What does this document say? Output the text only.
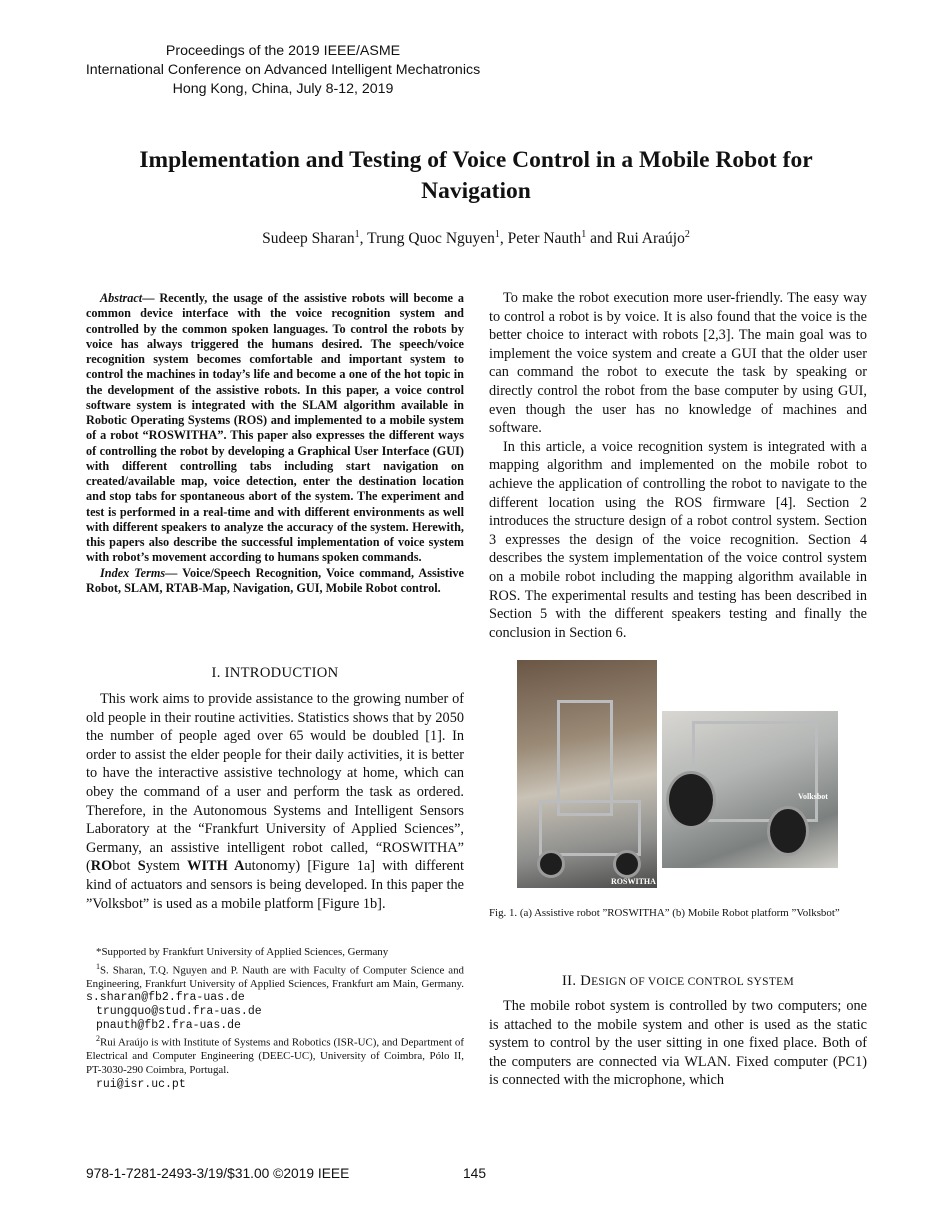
Proceedings of the 2019 IEEE/ASME
International Conference on Advanced Intelligent Mechatronics
Hong Kong, China, July 8-12, 2019
Implementation and Testing of Voice Control in a Mobile Robot for
Navigation
Sudeep Sharan$^1$, Trung Quoc Nguyen$^1$, Peter Nauth$^1$ and Rui Araújo$^2$

Abstract— Recently, the usage of the assistive robots will become a common device interface with the voice recognition system and controlled by the common spoken languages. To control the robots by voice has always triggered the humans desired. The speech/voice recognition system becomes comfortable and important system to control the machines in today’s life and become a one of the hot topic in the development of the assistive robots. In this paper, a voice control software system is integrated with the SLAM algorithm available in Robotic Operating Systems (ROS) and implemented to a mobile system of a robot “ROSWITHA”. This paper also expresses the different ways of controlling the robot by developing a Graphical User Interface (GUI) with different controlling tabs including start navigation on created/available map, voice detection, enter the destination location and stop tabs for spontaneous abort of the system. The experiment and test is performed in a real-time and with different environments as well with different speakers to analyze the accuracy of the system. Herewith, this papers also describe the successful implementation of voice system with robot’s movement according to humans spoken commands.

Index Terms— Voice/Speech Recognition, Voice command, Assistive Robot, SLAM, RTAB-Map, Navigation, GUI, Mobile Robot control.

I. INTRODUCTION

This work aims to provide assistance to the growing number of old people in their routine activities. Statistics shows that by 2050 the number of people aged over 65 would be doubled [1]. In order to assist the elder people for their daily activities, it is better to have the interactive assistive technology at home, which can obey the command of a user and perform the task as ordered. Therefore, in the Autonomous Systems and Intelligent Sensors Laboratory at the “Frankfurt University of Applied Sciences”, Germany, an assistive intelligent robot called, “ROSWITHA” (RObot System WITH Autonomy) [Figure 1a] with different kind of actuators and sensors is being developed. In this paper the ”Volksbot” is used as a mobile platform [Figure 1b].

*Supported by Frankfurt University of Applied Sciences, Germany

$^1$S. Sharan, T.Q. Nguyen and P. Nauth are with Faculty of Computer Science and Engineering, Frankfurt University of Applied Sciences, Frankfurt am Main, Germany. s.sharan@fb2.fra-uas.de

trungquo@stud.fra-uas.de
pnauth@fb2.fra-uas.de

$^2$Rui Araújo is with Institute of Systems and Robotics (ISR-UC), and Department of Electrical and Computer Engineering (DEEC-UC), University of Coimbra, Pólo II, PT-3030-290 Coimbra, Portugal.

rui@isr.uc.pt

To make the robot execution more user-friendly. The easy way to control a robot is by voice. It is also found that the voice is the better choice to interact with robots [2,3]. The main goal was to implement the voice system and create a GUI that the older user can command the robot to execute the task by speaking or directly control the robot from the base computer by using GUI, even though the user has no knowledge of machines and software.

In this article, a voice recognition system is integrated with a mapping algorithm and implemented on the mobile robot to achieve the application of controlling the robot to navigate to the different location using the ROS firmware [4]. Section 2 introduces the structure design of a robot control system. Section 3 expresses the design of the voice recognition. Section 4 describes the system implementation of the voice control system on a mobile robot including the mapping algorithm available in ROS. The experimental results and testing has been described in Section 5 with the different speakers testing and finally the conclusion in Section 6.

ROSWITHA
Volksbot
Fig. 1. (a) Assistive robot ”ROSWITHA” (b) Mobile Robot platform ”Volksbot”
II. DESIGN OF VOICE CONTROL SYSTEM

The mobile robot system is controlled by two computers; one is attached to the mobile system and other is used as the static system to control by the user sitting in one fixed place. Both of the computers are connected via WLAN. Fixed computer (PC1) is connected with the microphone, which

978-1-7281-2493-3/19/$31.00 ©2019 IEEE	145
